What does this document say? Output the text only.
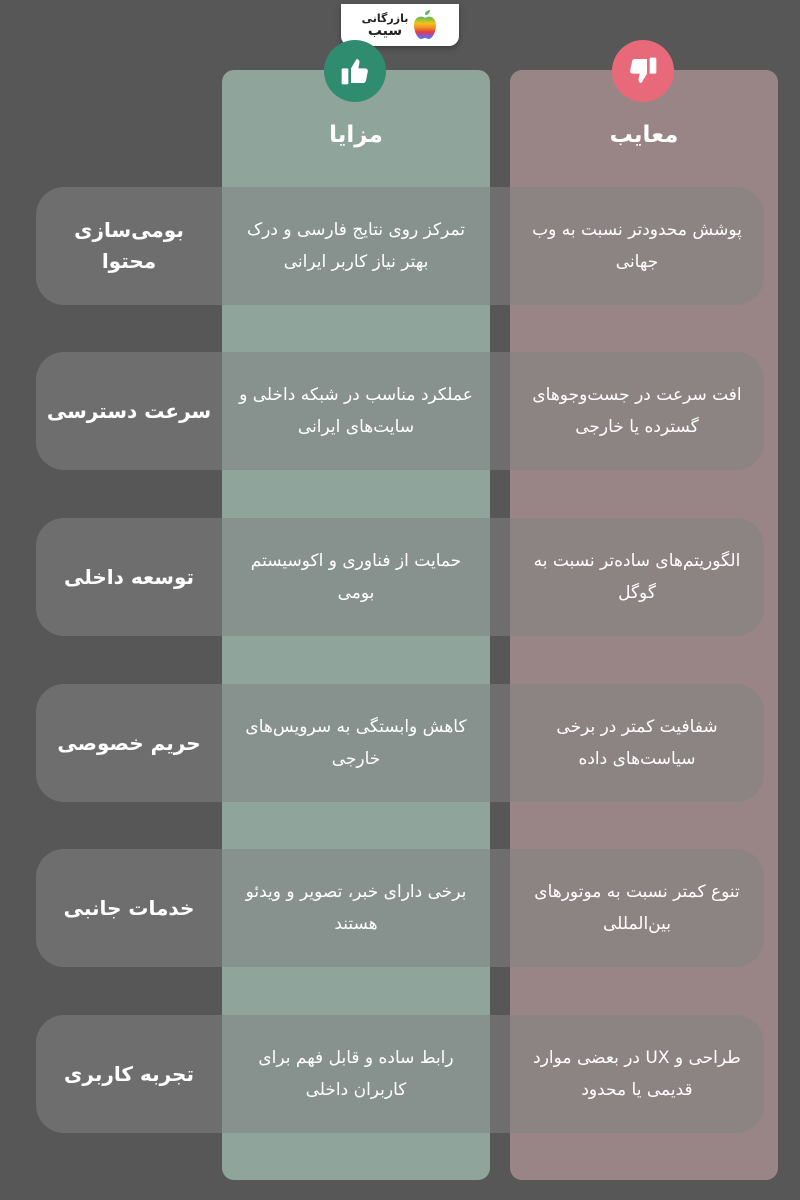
بازرگانی
سیب
مزایا	معایب
بومی‌سازی محتوا
تمرکز روی نتایج فارسی و درک بهتر نیاز کاربر ایرانی
پوشش محدودتر نسبت به وب جهانی
سرعت دسترسی
عملکرد مناسب در شبکه داخلی و سایت‌های ایرانی
افت سرعت در جست‌وجوهای گسترده یا خارجی
توسعه داخلی
حمایت از فناوری و اکوسیستم بومی
الگوریتم‌های ساده‌تر نسبت به گوگل
حریم خصوصی
کاهش وابستگی به سرویس‌های خارجی
شفافیت کمتر در برخی سیاست‌های داده
خدمات جانبی
برخی دارای خبر، تصویر و ویدئو هستند
تنوع کمتر نسبت به موتورهای بین‌المللی
تجربه کاربری
رابط ساده و قابل فهم برای کاربران داخلی
طراحی و UX در بعضی موارد قدیمی یا محدود
